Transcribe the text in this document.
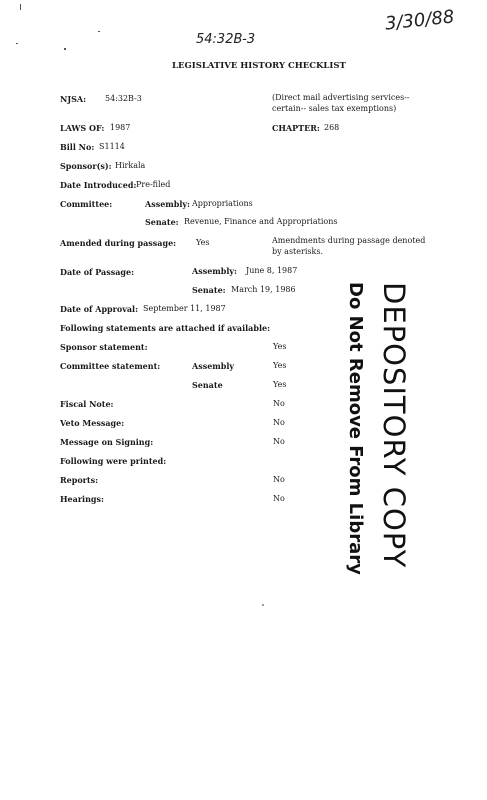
3/30/88
54:32B-3
LEGISLATIVE HISTORY CHECKLIST
NJSA: 54:32B-3	(Direct mail advertising services-- certain-- sales tax exemptions)
LAWS OF: 1987	CHAPTER: 268
Bill No: S1114
Sponsor(s): Hirkala
Date Introduced: Pre-filed
Committee:	Assembly: Appropriations
Senate: Revenue, Finance and Appropriations
Amended during passage: Yes	Amendments during passage denoted
by asterisks.
Date of Passage:	Assembly: June 8, 1987
Senate: March 19, 1986
Date of Approval: September 11, 1987
Following statements are attached if available:
Sponsor statement:	Yes
Committee statement:	Assembly	Yes
Senate	Yes
Fiscal Note:	No
Veto Message:	No
Message on Signing:	No
Following were printed:
Reports:	No
Hearings:	No	DEPOSITORY COPY
Do Not Remove From Library
